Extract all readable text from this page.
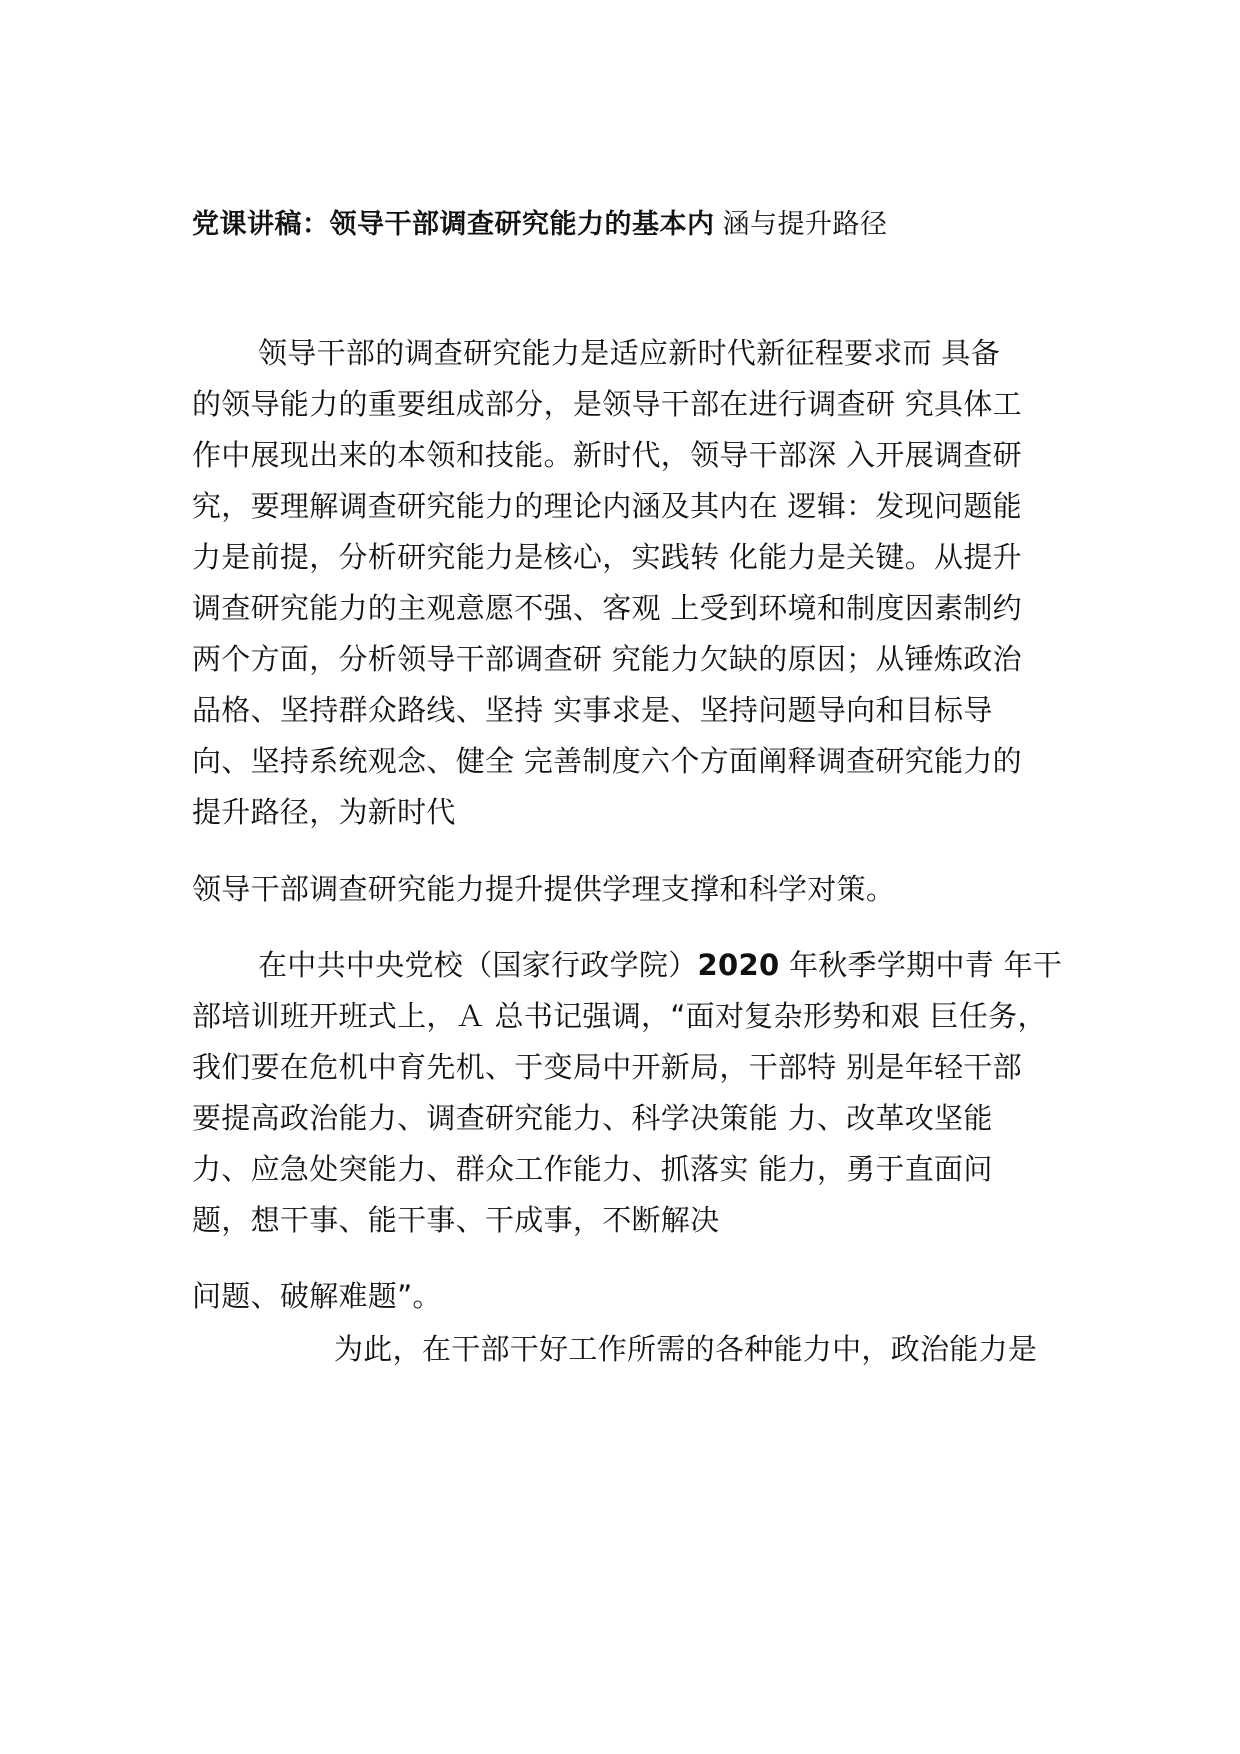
党课讲稿：领导干部调查研究能力的基本内 涵与提升路径
领导干部的调查研究能力是适应新时代新征程要求而 具备
的领导能力的重要组成部分，是领导干部在进行调查研 究具体工
作中展现出来的本领和技能。新时代，领导干部深 入开展调查研
究，要理解调查研究能力的理论内涵及其内在 逻辑：发现问题能
力是前提，分析研究能力是核心，实践转 化能力是关键。从提升
调查研究能力的主观意愿不强、客观 上受到环境和制度因素制约
两个方面，分析领导干部调查研 究能力欠缺的原因；从锤炼政治
品格、坚持群众路线、坚持 实事求是、坚持问题导向和目标导
向、坚持系统观念、健全 完善制度六个方面阐释调查研究能力的
提升路径，为新时代
领导干部调查研究能力提升提供学理支撑和科学对策。
在中共中央党校（国家行政学院）2020 年秋季学期中青 年干
部培训班开班式上，Ａ 总书记强调，“面对复杂形势和艰 巨任务，
我们要在危机中育先机、于变局中开新局，干部特 别是年轻干部
要提高政治能力、调查研究能力、科学决策能 力、改革攻坚能
力、应急处突能力、群众工作能力、抓落实 能力，勇于直面问
题，想干事、能干事、干成事，不断解决
问题、破解难题”。
为此，在干部干好工作所需的各种能力中，政治能力是
